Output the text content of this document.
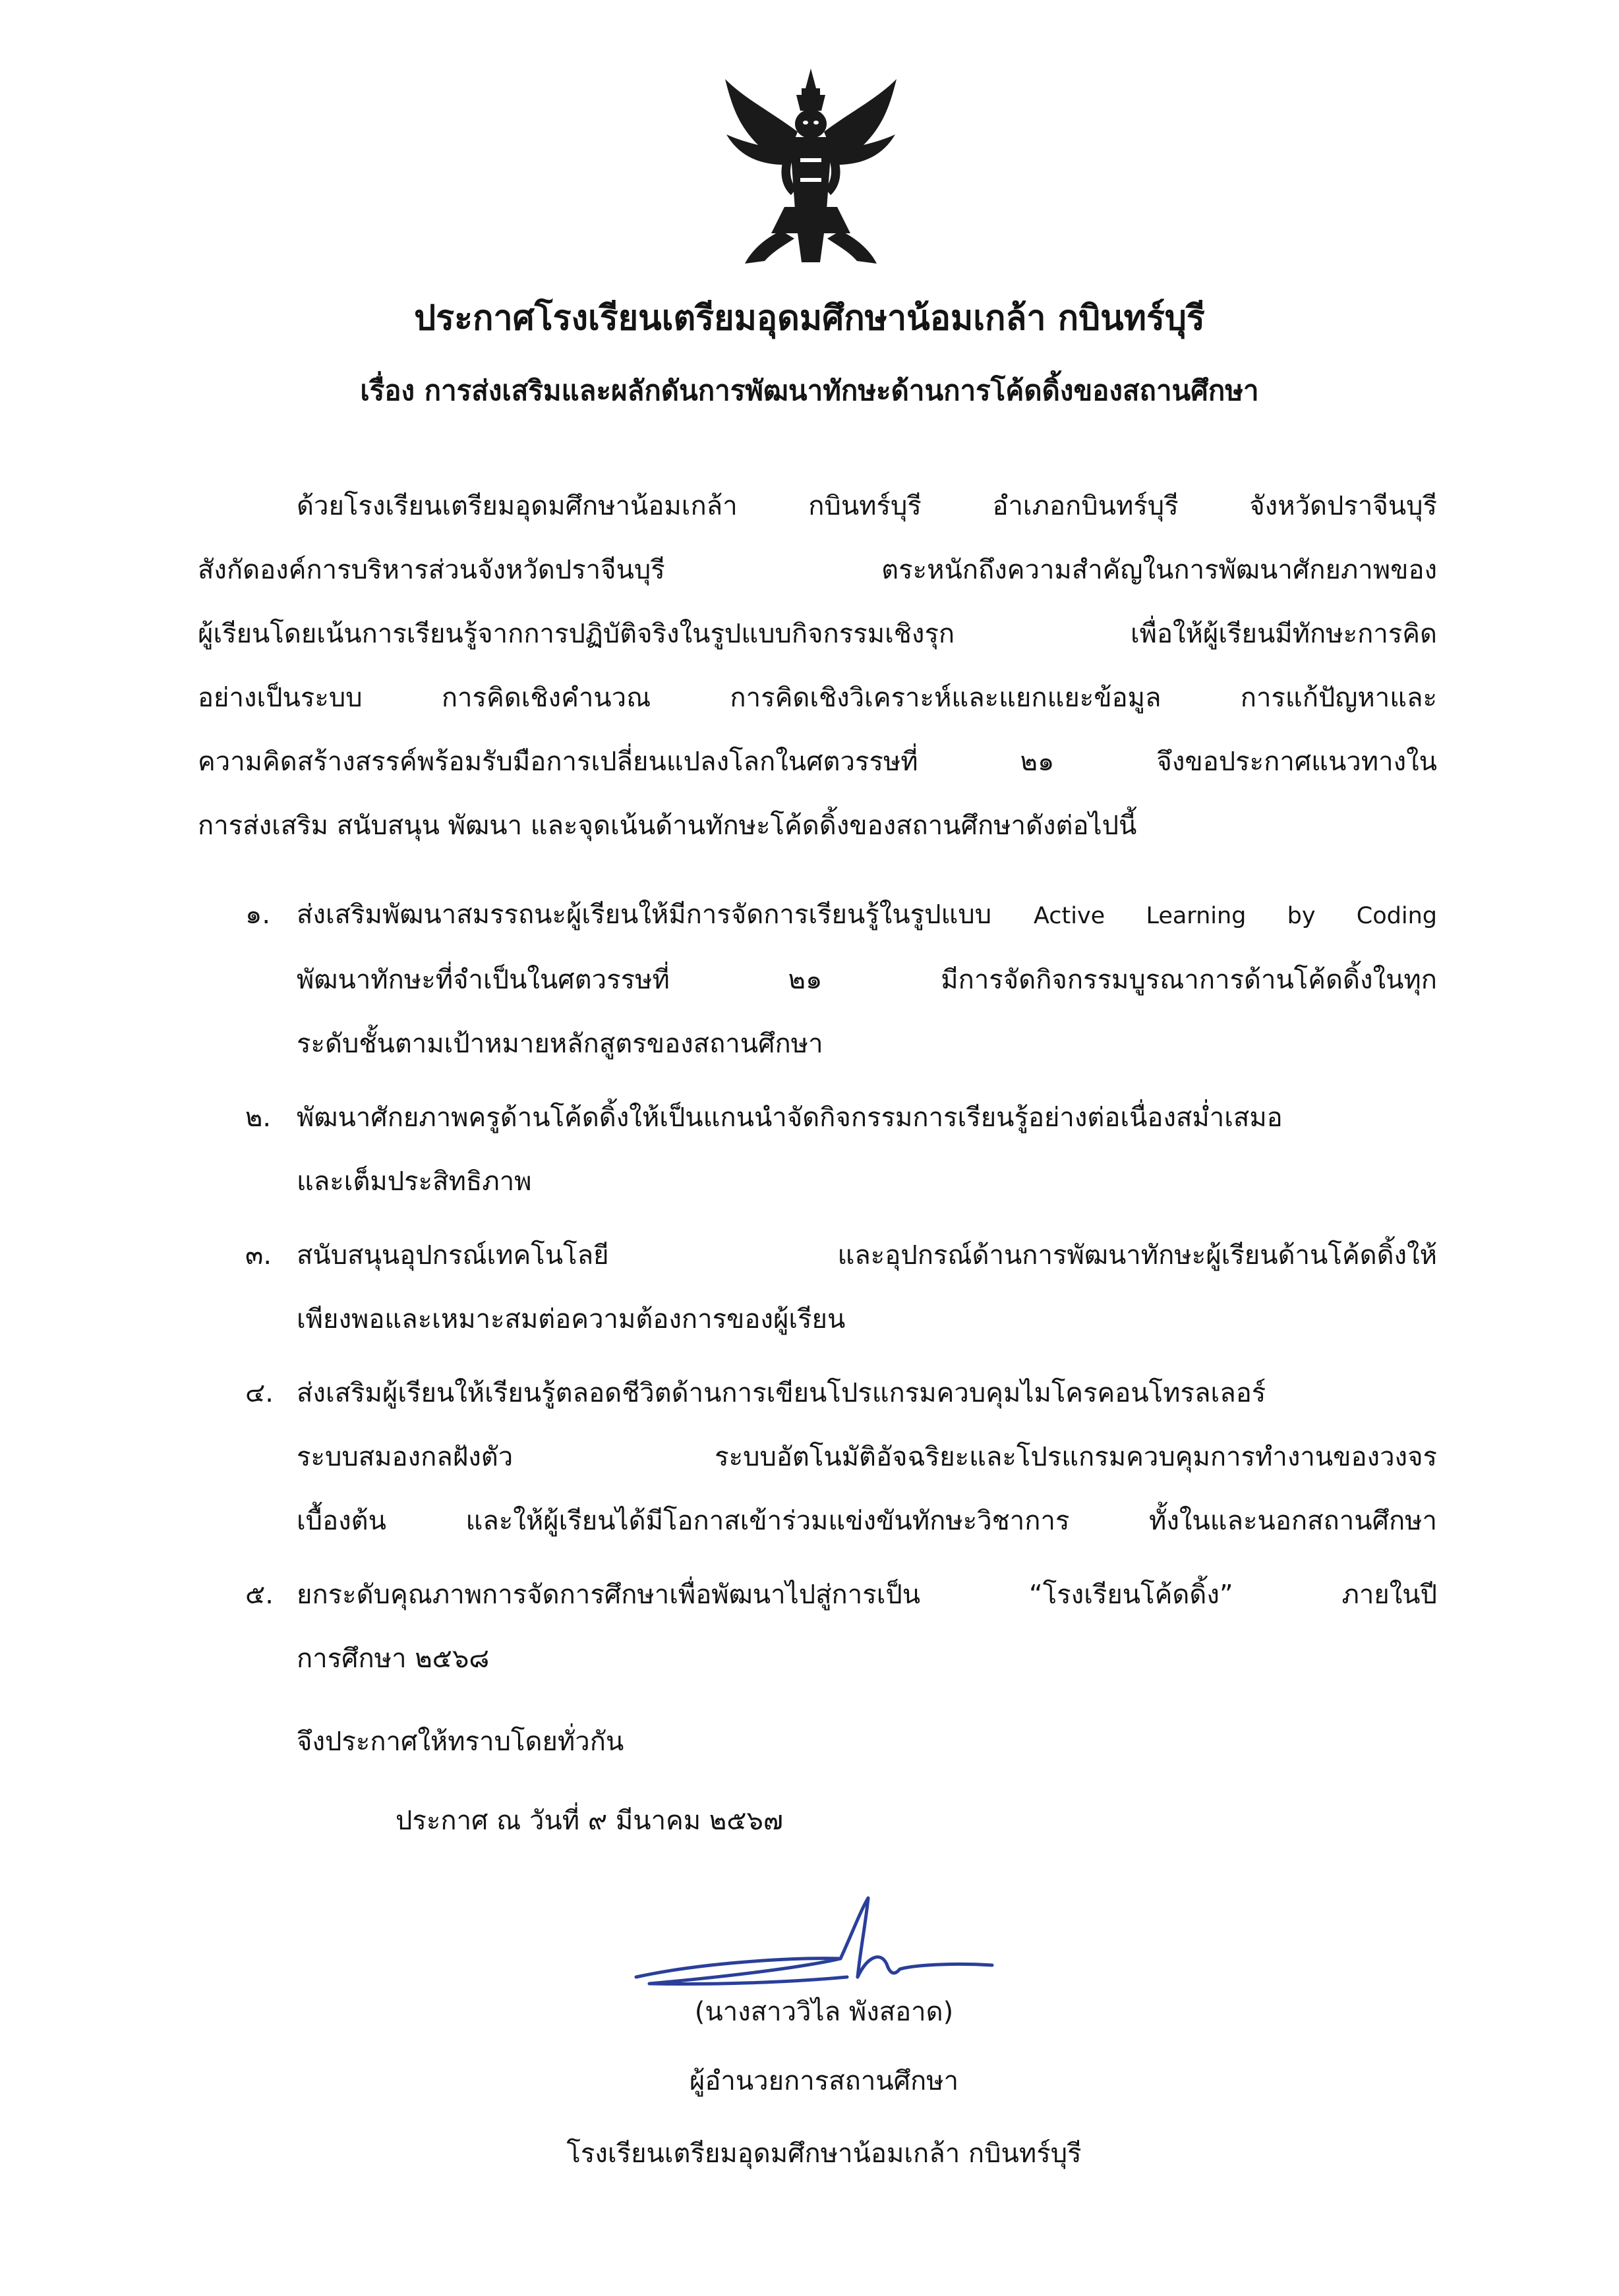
ประกาศโรงเรียนเตรียมอุดมศึกษาน้อมเกล้า กบินทร์บุรี
เรื่อง การส่งเสริมและผลักดันการพัฒนาทักษะด้านการโค้ดดิ้งของสถานศึกษา
ด้วยโรงเรียนเตรียมอุดมศึกษาน้อมเกล้า กบินทร์บุรี อำเภอกบินทร์บุรี จังหวัดปราจีนบุรี
สังกัดองค์การบริหารส่วนจังหวัดปราจีนบุรี ตระหนักถึงความสำคัญในการพัฒนาศักยภาพของ
ผู้เรียนโดยเน้นการเรียนรู้จากการปฏิบัติจริงในรูปแบบกิจกรรมเชิงรุก เพื่อให้ผู้เรียนมีทักษะการคิด
อย่างเป็นระบบ การคิดเชิงคำนวณ การคิดเชิงวิเคราะห์และแยกแยะข้อมูล การแก้ปัญหาและ
ความคิดสร้างสรรค์พร้อมรับมือการเปลี่ยนแปลงโลกในศตวรรษที่ ๒๑ จึงขอประกาศแนวทางใน
การส่งเสริม สนับสนุน พัฒนา และจุดเน้นด้านทักษะโค้ดดิ้งของสถานศึกษาดังต่อไปนี้
๑. ส่งเสริมพัฒนาสมรรถนะผู้เรียนให้มีการจัดการเรียนรู้ในรูปแบบ Active Learning by Coding
พัฒนาทักษะที่จำเป็นในศตวรรษที่ ๒๑ มีการจัดกิจกรรมบูรณาการด้านโค้ดดิ้งในทุก
ระดับชั้นตามเป้าหมายหลักสูตรของสถานศึกษา
๒. พัฒนาศักยภาพครูด้านโค้ดดิ้งให้เป็นแกนนำจัดกิจกรรมการเรียนรู้อย่างต่อเนื่องสม่ำเสมอ
และเต็มประสิทธิภาพ
๓. สนับสนุนอุปกรณ์เทคโนโลยี และอุปกรณ์ด้านการพัฒนาทักษะผู้เรียนด้านโค้ดดิ้งให้
เพียงพอและเหมาะสมต่อความต้องการของผู้เรียน
๔. ส่งเสริมผู้เรียนให้เรียนรู้ตลอดชีวิตด้านการเขียนโปรแกรมควบคุมไมโครคอนโทรลเลอร์
ระบบสมองกลฝังตัว ระบบอัตโนมัติอัจฉริยะและโปรแกรมควบคุมการทำงานของวงจร
เบื้องต้น และให้ผู้เรียนได้มีโอกาสเข้าร่วมแข่งขันทักษะวิชาการ ทั้งในและนอกสถานศึกษา
๕. ยกระดับคุณภาพการจัดการศึกษาเพื่อพัฒนาไปสู่การเป็น “โรงเรียนโค้ดดิ้ง” ภายในปี
การศึกษา ๒๕๖๘
จึงประกาศให้ทราบโดยทั่วกัน
ประกาศ ณ วันที่ ๙ มีนาคม ๒๕๖๗
(นางสาววิไล พังสอาด)
ผู้อำนวยการสถานศึกษา
โรงเรียนเตรียมอุดมศึกษาน้อมเกล้า กบินทร์บุรี
